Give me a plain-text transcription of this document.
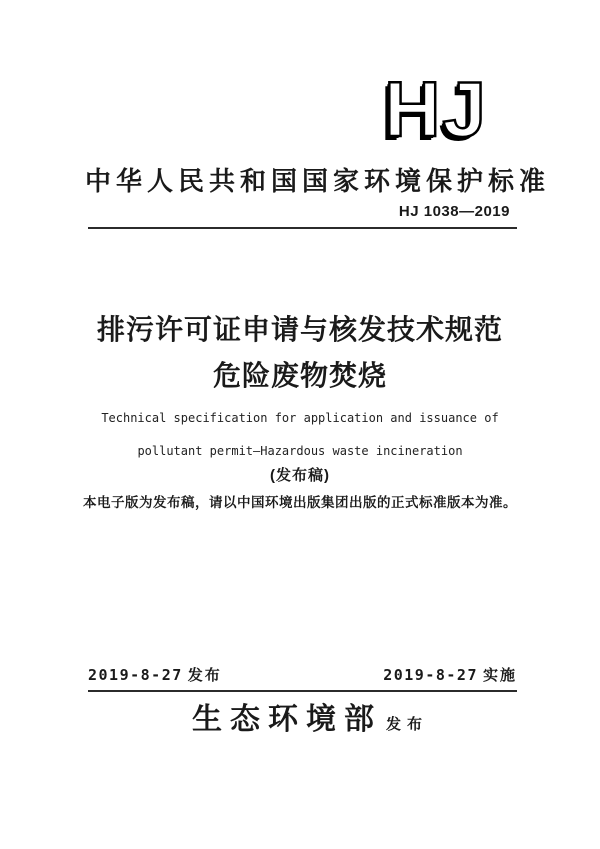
HJ
中华人民共和国国家环境保护标准
HJ 1038—2019
排污许可证申请与核发技术规范
危险废物焚烧
Technical specification for application and issuance of
pollutant permit—Hazardous waste incineration
(发布稿)
本电子版为发布稿，请以中国环境出版集团出版的正式标准版本为准。
2019-8-27 发布	2019-8-27 实施
生态环境部 发布
